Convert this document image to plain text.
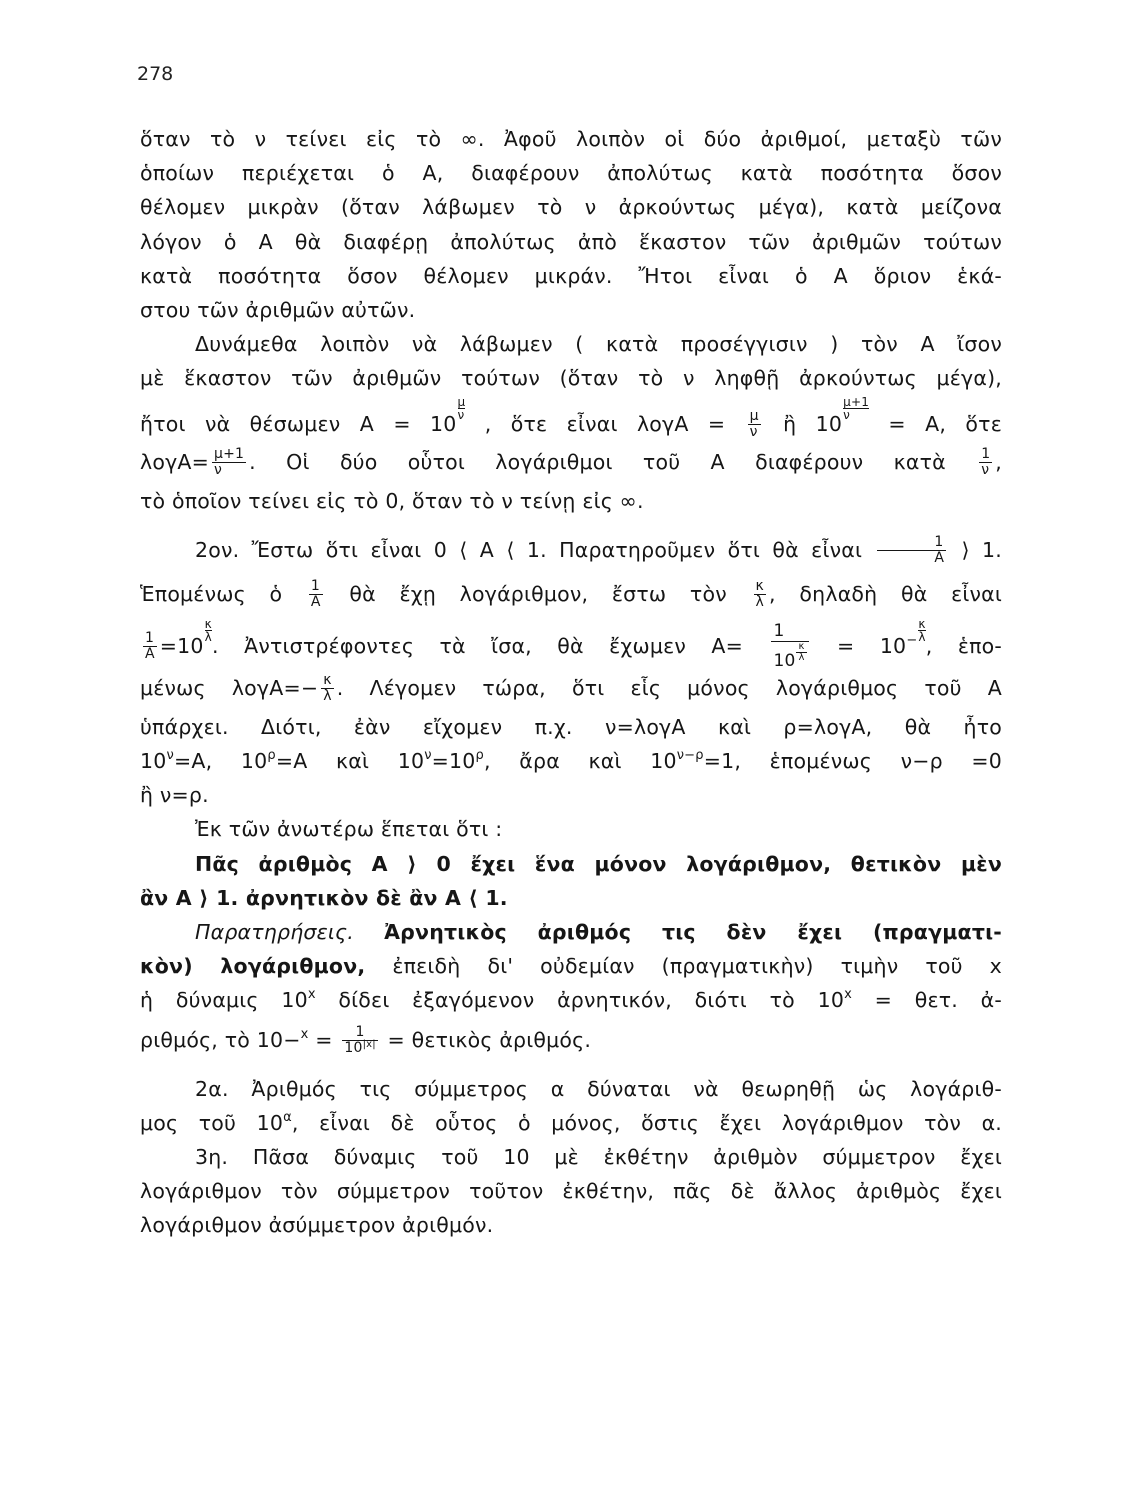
278
ὅταν τὸ ν τείνει εἰς τὸ ∞. Ἀφοῦ λοιπὸν οἱ δύο ἀριθμοί, μεταξὺ τῶν
ὁποίων περιέχεται ὁ Α, διαφέρουν ἀπολύτως κατὰ ποσότητα ὅσον
θέλομεν μικρὰν (ὅταν λάβωμεν τὸ ν ἀρκούντως μέγα), κατὰ μείζονα
λόγον ὁ Α θὰ διαφέρῃ ἀπολύτως ἀπὸ ἕκαστον τῶν ἀριθμῶν τούτων
κατὰ ποσότητα ὅσον θέλομεν μικράν. Ἤτοι εἶναι ὁ Α ὅριον ἑκά-
στου τῶν ἀριθμῶν αὐτῶν.
Δυνάμεθα λοιπὸν νὰ λάβωμεν ( κατὰ προσέγγισιν ) τὸν Α ἴσον
μὲ ἕκαστον τῶν ἀριθμῶν τούτων (ὅταν τὸ ν ληφθῇ ἀρκούντως μέγα),
ἤτοι νὰ θέσωμεν Α = 10
$\frac{\mu}{\nu}$
, ὅτε εἶναι $\lambda o\gamma A = \frac{\mu}{\nu}$ ἢ 10
$\frac{\mu+1}{\nu}$
= Α, ὅτε
$\lambda o\gamma A= \frac{\mu+1}{\nu}$ . Οἱ δύο οὗτοι λογάριθμοι τοῦ Α διαφέρουν κατὰ $\frac{1}{\nu}$ ,
τὸ ὁποῖον τείνει εἰς τὸ 0, ὅταν τὸ ν τείνῃ εἰς ∞.
2ον. Ἔστω ὅτι εἶναι 0 ⟨ Α ⟨ 1. Παρατηροῦμεν ὅτι θὰ εἶναι $\frac{1}{A}$ ⟩ 1.
Ἑπομένως ὁ $\frac{1}{A}$ θὰ ἔχῃ λογάριθμον, ἔστω τὸν $\frac{\kappa}{\lambda}$ , δηλαδὴ θὰ εἶναι
$\frac{1}{A} =10$
$\frac{\kappa}{\lambda}$
. Ἀντιστρέφοντες τὰ ἴσα, θὰ ἔχωμεν $A= \frac{1}{10 \frac{\kappa}{\lambda}} = 10^- \frac{\kappa}{\lambda}$
, ἑπο-
μένως $\lambda o\gamma A=- \frac{\kappa}{\lambda}$ . Λέγομεν τώρα, ὅτι εἷς μόνος λογάριθμος τοῦ Α
ὑπάρχει. Διότι, ἐὰν εἴχομεν π.χ. ν=λογΑ καὶ ρ=λογΑ, θὰ ἦτο
$10^\nu=A$, $10^\rho=A$ καὶ $10^\nu=10^\rho$, ἄρα καὶ $10^{\nu-\rho}=1$, ἑπομένως ν−ρ =0
ἢ ν=ρ.
Ἐκ τῶν ἀνωτέρω ἕπεται ὅτι :
Πᾶς ἀριθμὸς Α ⟩ 0 ἔχει ἕνα μόνον λογάριθμον, θετικὸν μὲν
ἂν Α ⟩ 1. ἀρνητικὸν δὲ ἂν Α ⟨ 1.
Παρατηρήσεις. Ἀρνητικὸς ἀριθμός τις δὲν ἔχει (πραγματι-
κὸν) λογάριθμον, ἐπειδὴ δι' οὐδεμίαν (πραγματικὴν) τιμὴν τοῦ x
ἡ δύναμις 10$^x$ δίδει ἐξαγόμενον ἀρνητικόν, διότι τὸ $10^x = \theta\varepsilon\tau$. ἀ-
ριθμός, τὸ $10-^x = \frac{1}{10^{|x|}}$ = θετικὸς ἀριθμός.
2α. Ἀριθμός τις σύμμετρος α δύναται νὰ θεωρηθῇ ὡς λογάριθ-
μος τοῦ $10^\alpha$, εἶναι δὲ οὗτος ὁ μόνος, ὅστις ἔχει λογάριθμον τὸν α.
3η. Πᾶσα δύναμις τοῦ 10 μὲ ἐκθέτην ἀριθμὸν σύμμετρον ἔχει
λογάριθμον τὸν σύμμετρον τοῦτον ἐκθέτην, πᾶς δὲ ἄλλος ἀριθμὸς ἔχει
λογάριθμον ἀσύμμετρον ἀριθμόν.
